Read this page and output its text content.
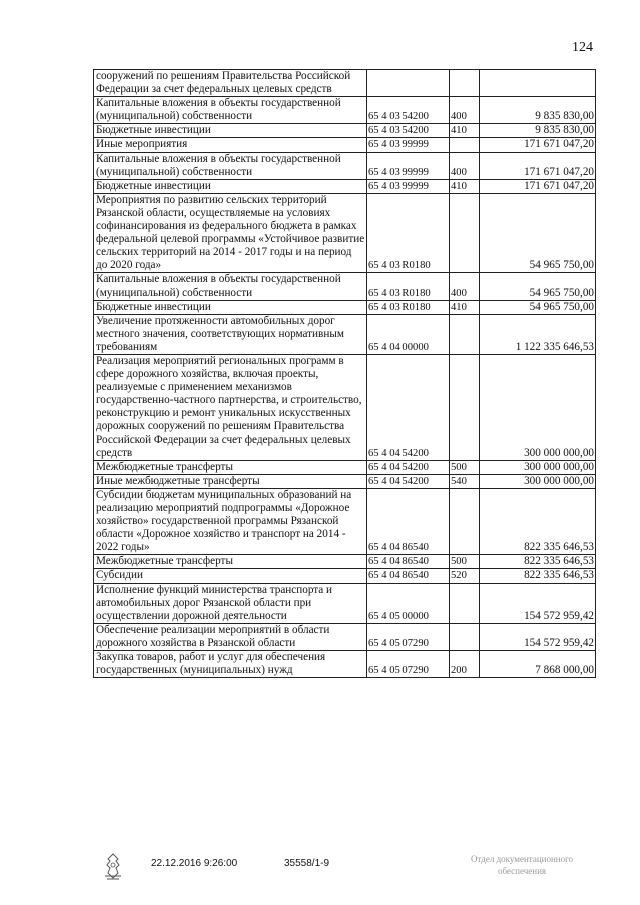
124
сооружений по решениям Правительства Российской Федерации за счет федеральных целевых средств			
Капитальные вложения в объекты государственной (муниципальной) собственности	65 4 03 54200	400	9 835 830,00
Бюджетные инвестиции	65 4 03 54200	410	9 835 830,00
Иные мероприятия	65 4 03 99999		171 671 047,20
Капитальные вложения в объекты государственной (муниципальной) собственности	65 4 03 99999	400	171 671 047,20
Бюджетные инвестиции	65 4 03 99999	410	171 671 047,20
Мероприятия по развитию сельских территорий Рязанской области, осуществляемые на условиях софинансирования из федерального бюджета в рамках федеральной целевой программы «Устойчивое развитие сельских территорий на 2014 - 2017 годы и на период до 2020 года»	65 4 03 R0180		54 965 750,00
Капитальные вложения в объекты государственной (муниципальной) собственности	65 4 03 R0180	400	54 965 750,00
Бюджетные инвестиции	65 4 03 R0180	410	54 965 750,00
Увеличение протяженности автомобильных дорог местного значения, соответствующих нормативным требованиям	65 4 04 00000		1 122 335 646,53
Реализация мероприятий региональных программ в сфере дорожного хозяйства, включая проекты, реализуемые с применением механизмов государственно-частного партнерства, и строительство, реконструкцию и ремонт уникальных искусственных дорожных сооружений по решениям Правительства Российской Федерации за счет федеральных целевых средств	65 4 04 54200		300 000 000,00
Межбюджетные трансферты	65 4 04 54200	500	300 000 000,00
Иные межбюджетные трансферты	65 4 04 54200	540	300 000 000,00
Субсидии бюджетам муниципальных образований на реализацию мероприятий подпрограммы «Дорожное хозяйство» государственной программы Рязанской области «Дорожное хозяйство и транспорт на 2014 - 2022 годы»	65 4 04 86540		822 335 646,53
Межбюджетные трансферты	65 4 04 86540	500	822 335 646,53
Субсидии	65 4 04 86540	520	822 335 646,53
Исполнение функций министерства транспорта и автомобильных дорог Рязанской области при осуществлении дорожной деятельности	65 4 05 00000		154 572 959,42
Обеспечение реализации мероприятий в области дорожного хозяйства в Рязанской области	65 4 05 07290		154 572 959,42
Закупка товаров, работ и услуг для обеспечения государственных (муниципальных) нужд	65 4 05 07290	200	7 868 000,00
22.12.2016 9:26:00	35558/1-9	Отдел документационного
обеспечения
